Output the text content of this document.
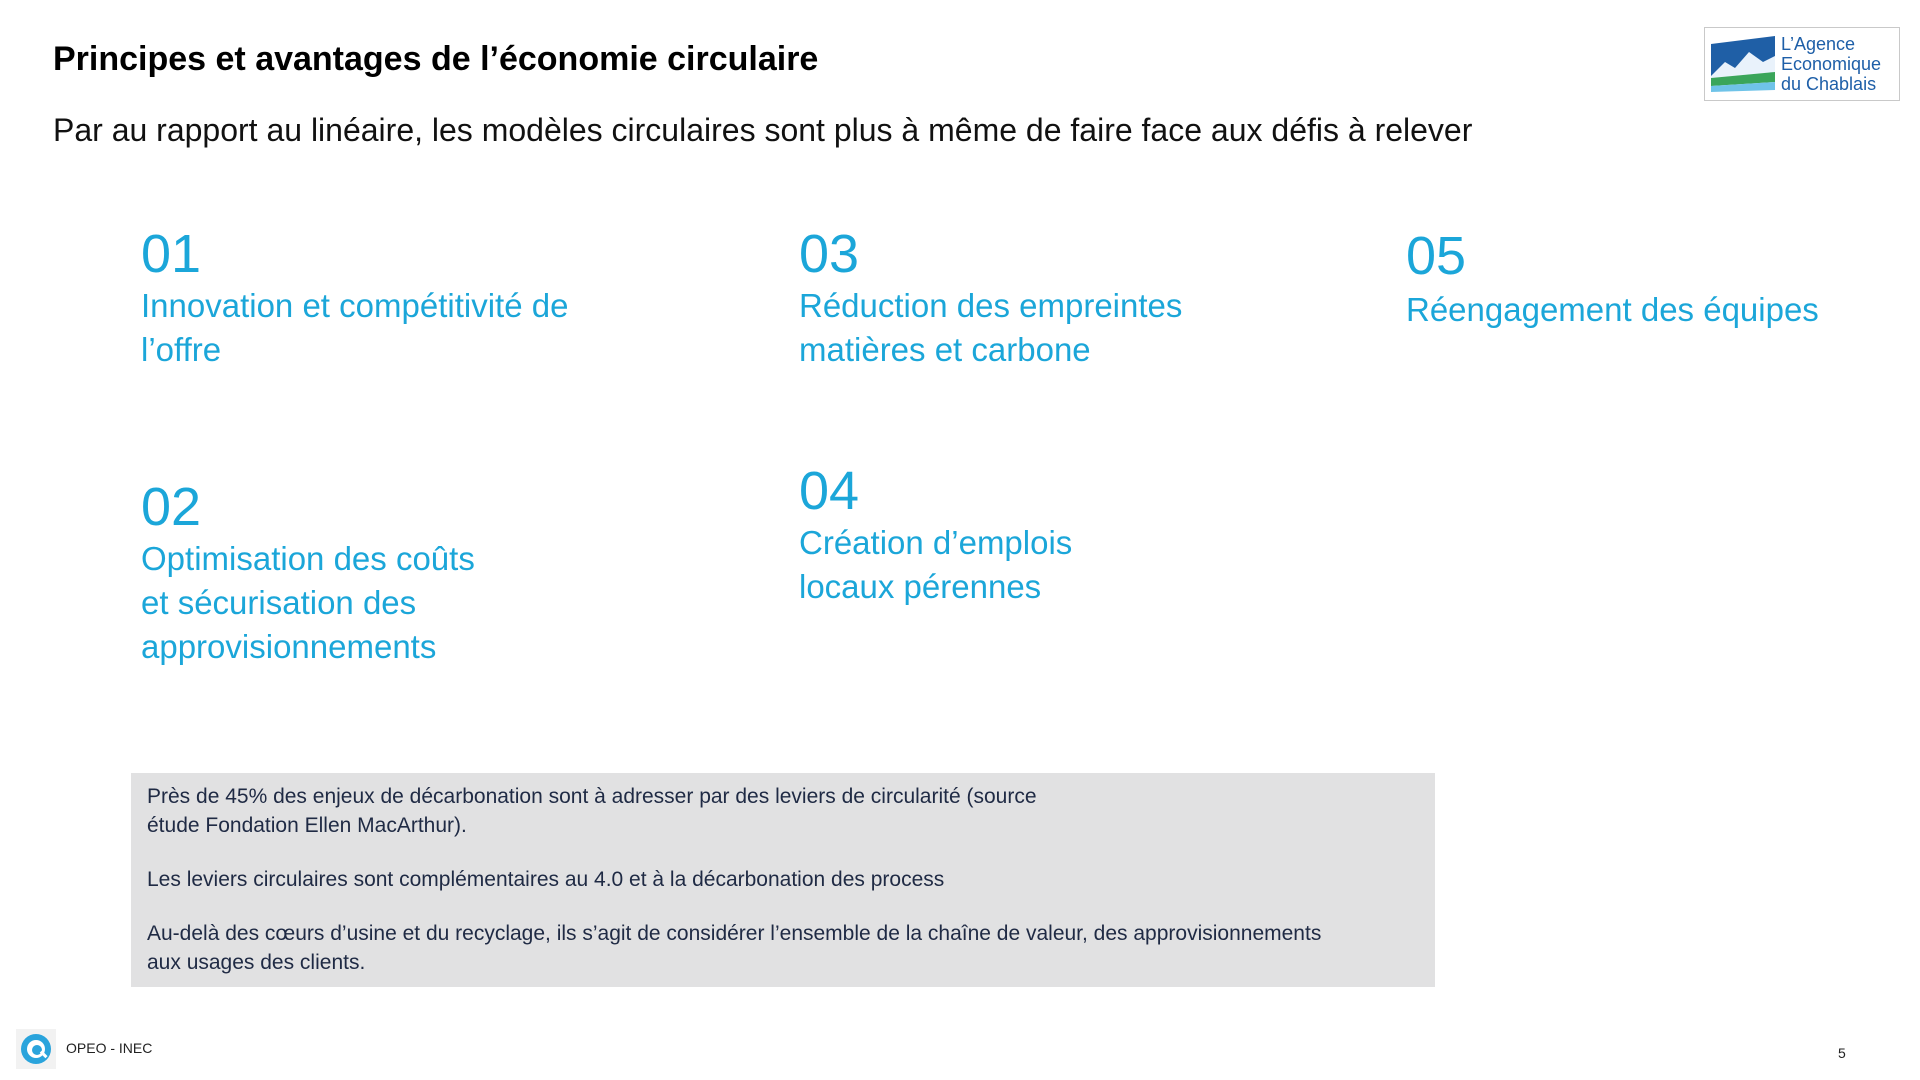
Principes et avantages de l’économie circulaire
Par au rapport au linéaire, les modèles circulaires sont plus à même de faire face aux défis à relever
L’Agence
Economique
du Chablais
01
Innovation et compétitivité de
l’offre
02
Optimisation des coûts
et sécurisation des
approvisionnements
03
Réduction des empreintes
matières et carbone
04
Création d’emplois
locaux pérennes
05
Réengagement des équipes

Près de 45% des enjeux de décarbonation sont à adresser par des leviers de circularité (source
étude Fondation Ellen MacArthur).

Les leviers circulaires sont complémentaires au 4.0 et à la décarbonation des process

Au-delà des cœurs d’usine et du recyclage, ils s’agit de considérer l’ensemble de la chaîne de valeur, des approvisionnements
aux usages des clients.

OPEO - INEC	5
